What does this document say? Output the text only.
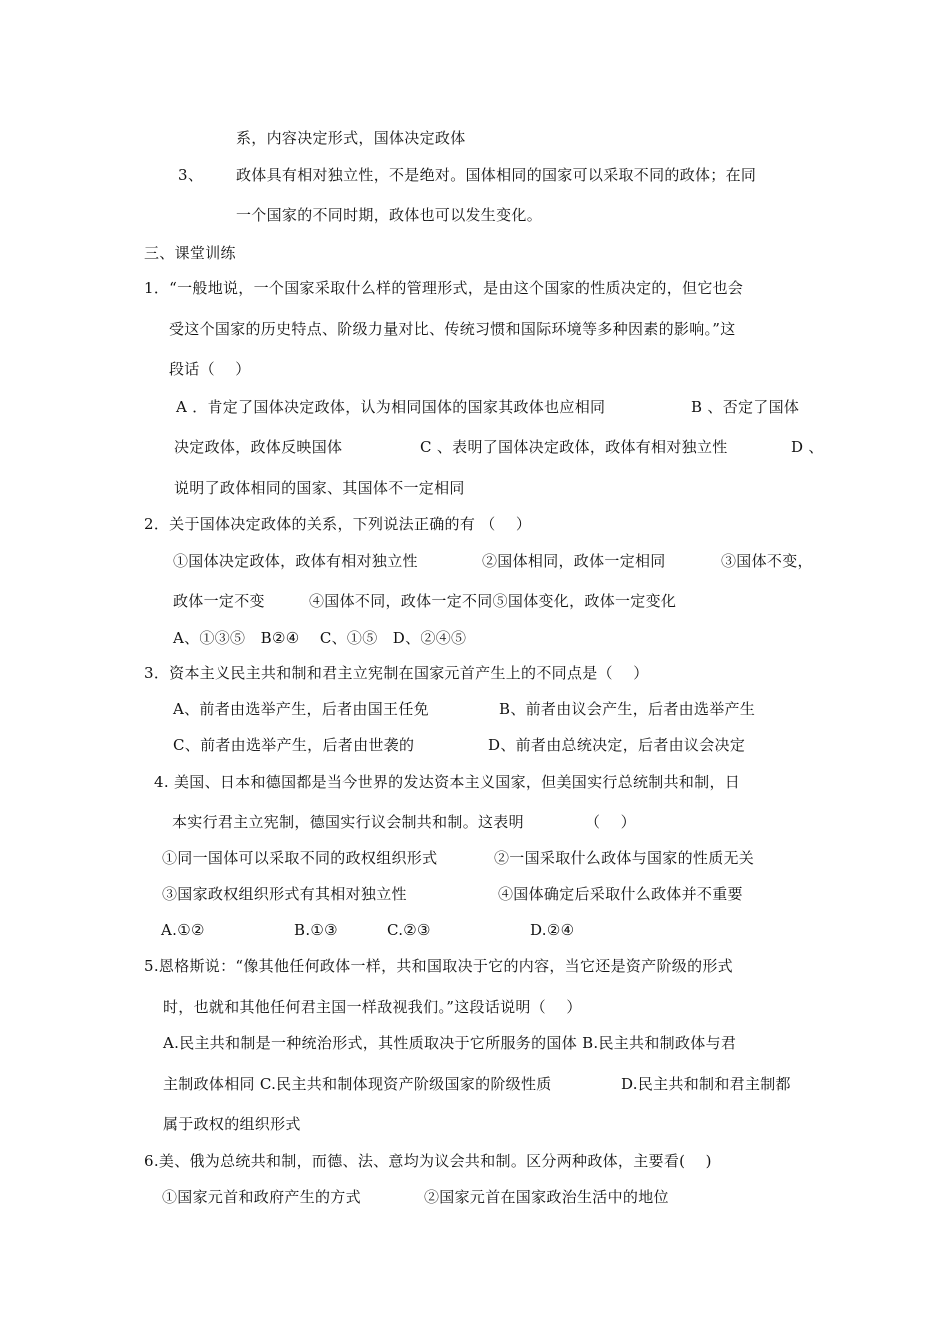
系，内容决定形式，国体决定政体
3、 政体具有相对独立性，不是绝对。国体相同的国家可以采取不同的政体；在同
一个国家的不同时期，政体也可以发生变化。
三、课堂训练
1．“一般地说，一个国家采取什么样的管理形式，是由这个国家的性质决定的，但它也会
受这个国家的历史特点、阶级力量对比、传统习惯和国际环境等多种因素的影响。”这
段话（　 ）
A ．肯定了国体决定政体，认为相同国体的国家其政体也应相同	B 、否定了国体
决定政体，政体反映国体	C 、表明了国体决定政体，政体有相对独立性	D 、
说明了政体相同的国家、其国体不一定相同
2．关于国体决定政体的关系，下列说法正确的有 （　 ）
①国体决定政体，政体有相对独立性	②国体相同，政体一定相同	③国体不变，
政体一定不变	④国体不同，政体一定不同⑤国体变化，政体一定变化
A、①③⑤　B②④　 C、①⑤　D、②④⑤
3．资本主义民主共和制和君主立宪制在国家元首产生上的不同点是（　 ）
A、前者由选举产生，后者由国王任免	B、前者由议会产生，后者由选举产生
C、前者由选举产生，后者由世袭的	D、前者由总统决定，后者由议会决定
4. 美国、日本和德国都是当今世界的发达资本主义国家，但美国实行总统制共和制，日
本实行君主立宪制，德国实行议会制共和制。这表明	（　 ）
①同一国体可以采取不同的政权组织形式	②一国采取什么政体与国家的性质无关
③国家政权组织形式有其相对独立性	④国体确定后采取什么政体并不重要
A.①②	B.①③	C.②③	D.②④
5.恩格斯说：“像其他任何政体一样，共和国取决于它的内容，当它还是资产阶级的形式
时，也就和其他任何君主国一样敌视我们。”这段话说明（　 ）
A.民主共和制是一种统治形式，其性质取决于它所服务的国体 B.民主共和制政体与君
主制政体相同 C.民主共和制体现资产阶级国家的阶级性质	D.民主共和制和君主制都
属于政权的组织形式
6.美、俄为总统共和制，而德、法、意均为议会共和制。区分两种政体，主要看(　 )
①国家元首和政府产生的方式	②国家元首在国家政治生活中的地位
